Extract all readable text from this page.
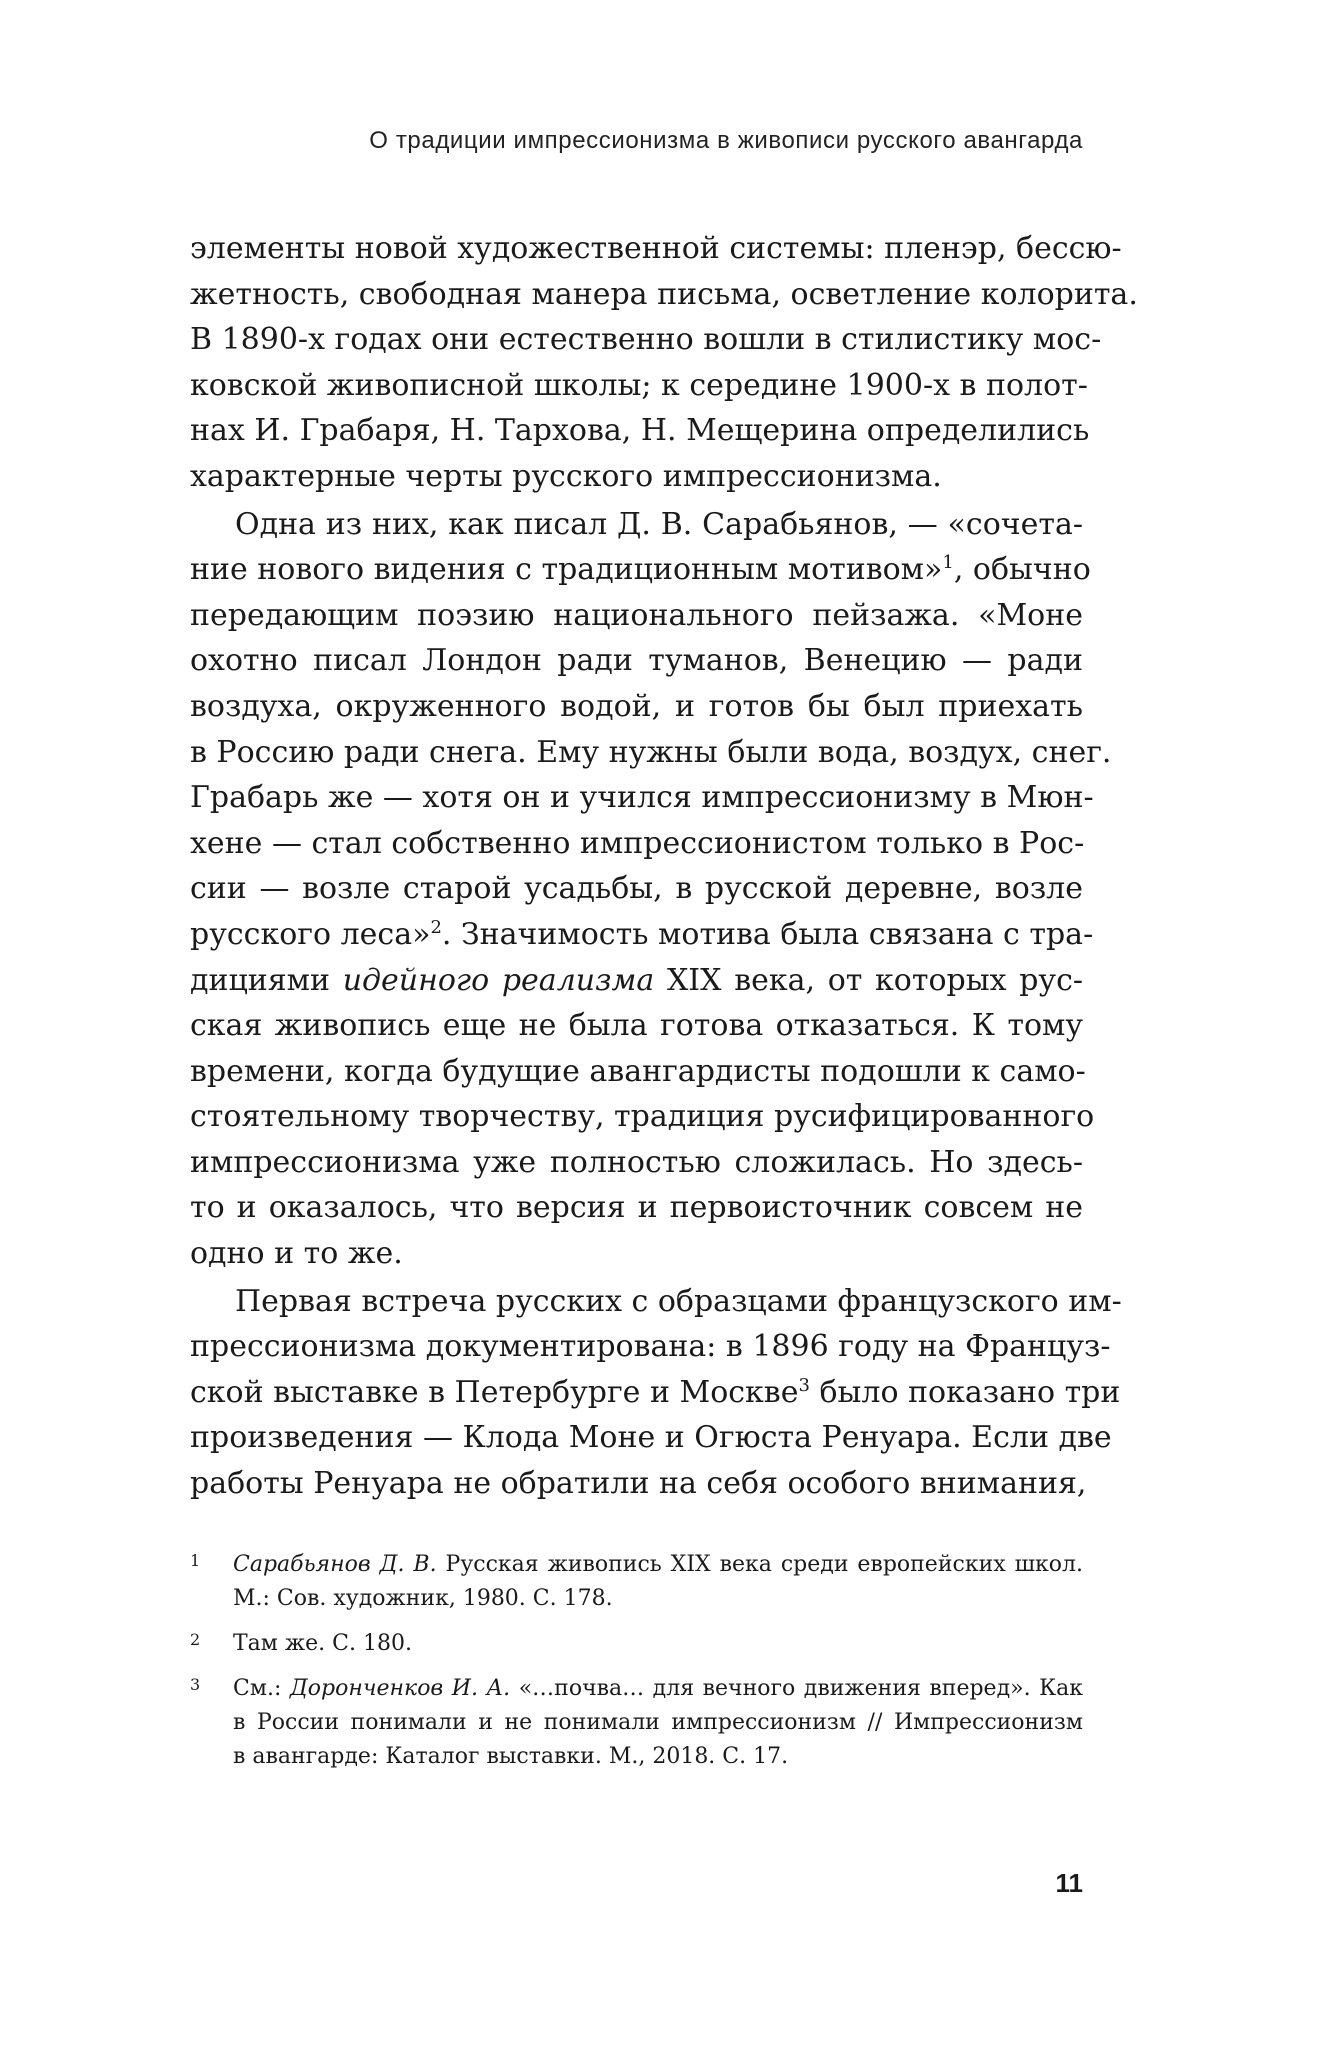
О традиции импрессионизма в живописи русского авангарда
элементы новой художественной системы: пленэр, бессю-
жетность, свободная манера письма, осветление колорита.
В 1890-х годах они естественно вошли в стилистику мос-
ковской живописной школы; к середине 1900-х в полот-
нах И. Грабаря, Н. Тархова, Н. Мещерина определились
характерные черты русского импрессионизма.
Одна из них, как писал Д. В. Сарабьянов, — «сочета-
ние нового видения с традиционным мотивом»$^1$, обычно
передающим поэзию национального пейзажа. «Моне
охотно писал Лондон ради туманов, Венецию — ради
воздуха, окруженного водой, и готов бы был приехать
в Россию ради снега. Ему нужны были вода, воздух, снег.
Грабарь же — хотя он и учился импрессионизму в Мюн-
хене — стал собственно импрессионистом только в Рос-
сии — возле старой усадьбы, в русской деревне, возле
русского леса»$^2$. Значимость мотива была связана с тра-
дициями идейного реализма XIX века, от которых рус-
ская живопись еще не была готова отказаться. К тому
времени, когда будущие авангардисты подошли к само-
стоятельному творчеству, традиция русифицированного
импрессионизма уже полностью сложилась. Но здесь-
то и оказалось, что версия и первоисточник совсем не
одно и то же.
Первая встреча русских с образцами французского им-
прессионизма документирована: в 1896 году на Француз-
ской выставке в Петербурге и Москве$^3$ было показано три
произведения — Клода Моне и Огюста Ренуара. Если две
работы Ренуара не обратили на себя особого внимания,
1 Сарабьянов Д. В. Русская живопись XIX века среди европейских школ.
М.: Сов. художник, 1980. С. 178.
2 Там же. С. 180.
3 См.: Доронченков И. А. «…почва… для вечного движения вперед». Как
в России понимали и не понимали импрессионизм // Импрессионизм
в авангарде: Каталог выставки. М., 2018. С. 17.
11
